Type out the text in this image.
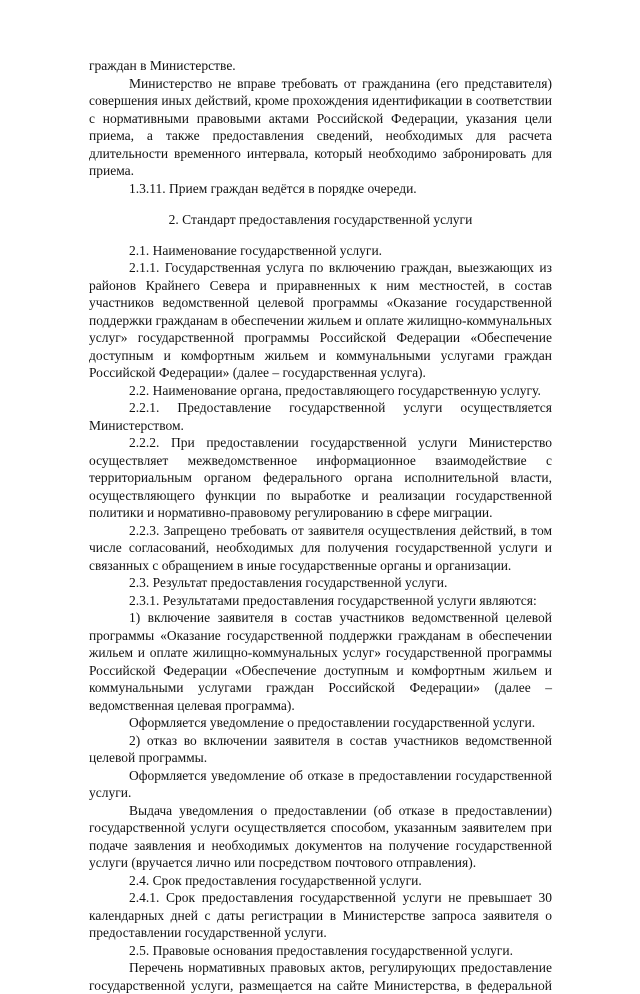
граждан в Министерстве.

Министерство не вправе требовать от гражданина (его представителя) совершения иных действий, кроме прохождения идентификации в соответствии с нормативными правовыми актами Российской Федерации, указания цели приема, а также предоставления сведений, необходимых для расчета длительности временного интервала, который необходимо забронировать для приема.

1.3.11. Прием граждан ведётся в порядке очереди.

2. Стандарт предоставления государственной услуги

2.1. Наименование государственной услуги.

2.1.1. Государственная услуга по включению граждан, выезжающих из районов Крайнего Севера и приравненных к ним местностей, в состав участников ведомственной целевой программы «Оказание государственной поддержки гражданам в обеспечении жильем и оплате жилищно-коммунальных услуг» государственной программы Российской Федерации «Обеспечение доступным и комфортным жильем и коммунальными услугами граждан Российской Федерации» (далее – государственная услуга).

2.2. Наименование органа, предоставляющего государственную услугу.

2.2.1. Предоставление государственной услуги осуществляется Министерством.

2.2.2. При предоставлении государственной услуги Министерство осуществляет межведомственное информационное взаимодействие с территориальным органом федерального органа исполнительной власти, осуществляющего функции по выработке и реализации государственной политики и нормативно-правовому регулированию в сфере миграции.

2.2.3. Запрещено требовать от заявителя осуществления действий, в том числе согласований, необходимых для получения государственной услуги и связанных с обращением в иные государственные органы и организации.

2.3. Результат предоставления государственной услуги.

2.3.1. Результатами предоставления государственной услуги являются:

1) включение заявителя в состав участников ведомственной целевой программы «Оказание государственной поддержки гражданам в обеспечении жильем и оплате жилищно-коммунальных услуг» государственной программы Российской Федерации «Обеспечение доступным и комфортным жильем и коммунальными услугами граждан Российской Федерации» (далее – ведомственная целевая программа).

Оформляется уведомление о предоставлении государственной услуги.

2) отказ во включении заявителя в состав участников ведомственной целевой программы.

Оформляется уведомление об отказе в предоставлении государственной услуги.

Выдача уведомления о предоставлении (об отказе в предоставлении) государственной услуги осуществляется способом, указанным заявителем при подаче заявления и необходимых документов на получение государственной услуги (вручается лично или посредством почтового отправления).

2.4. Срок предоставления государственной услуги.

2.4.1. Срок предоставления государственной услуги не превышает 30 календарных дней с даты регистрации в Министерстве запроса заявителя о предоставлении государственной услуги.

2.5. Правовые основания предоставления государственной услуги.

Перечень нормативных правовых актов, регулирующих предоставление государственной услуги, размещается на сайте Министерства, в федеральной
